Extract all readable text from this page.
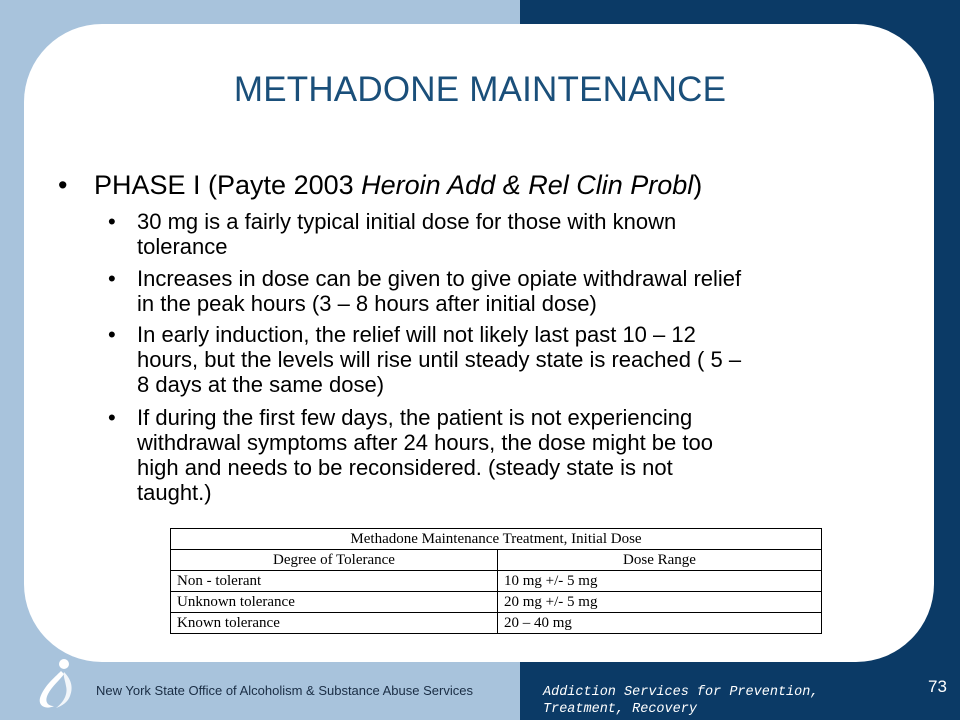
METHADONE MAINTENANCE
• PHASE I (Payte 2003 Heroin Add & Rel Clin Probl)
• 30 mg is a fairly typical initial dose for those with known
tolerance
• Increases in dose can be given to give opiate withdrawal relief
in the peak hours (3 – 8 hours after initial dose)
• In early induction, the relief will not likely last past 10 – 12
hours, but the levels will rise until steady state is reached ( 5 –
8 days at the same dose)
• If during the first few days, the patient is not experiencing
withdrawal symptoms after 24 hours, the dose might be too
high and needs to be reconsidered. (steady state is not
taught.)
Methadone Maintenance Treatment, Initial Dose	
Degree of Tolerance	Dose Range
Non - tolerant	10 mg +/- 5 mg
Unknown tolerance	20 mg +/- 5 mg
Known tolerance	20 – 40 mg
New York State Office of Alcoholism & Substance Abuse Services	Addiction Services for Prevention,
Treatment, Recovery
73
